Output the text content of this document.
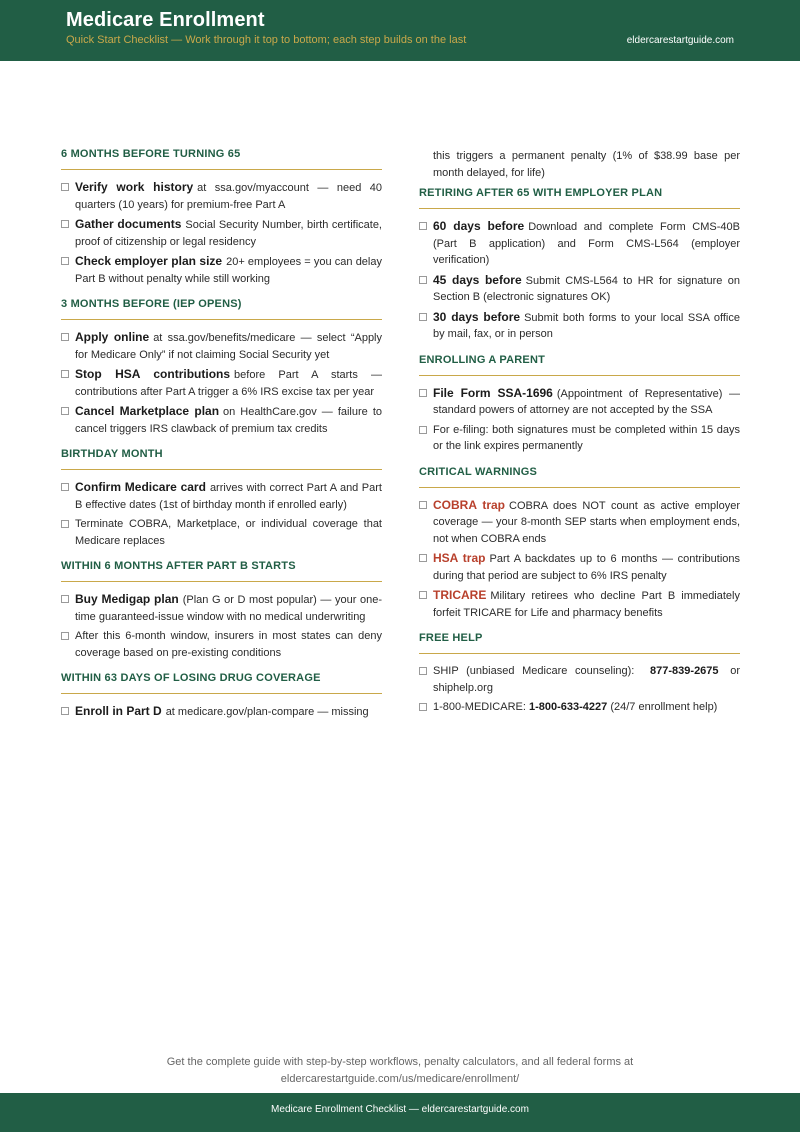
Medicare Enrollment
Quick Start Checklist — Work through it top to bottom; each step builds on the last	eldercarestartguide.com
6 MONTHS BEFORE TURNING 65
Verify work history at ssa.gov/myaccount — need 40 quarters (10 years) for premium-free Part A
Gather documents Social Security Number, birth certificate, proof of citizenship or legal residency
Check employer plan size 20+ employees = you can delay Part B without penalty while still working
3 MONTHS BEFORE (IEP OPENS)
Apply online at ssa.gov/benefits/medicare — select “Apply for Medicare Only” if not claiming Social Security yet
Stop HSA contributions before Part A starts — contributions after Part A trigger a 6% IRS excise tax per year
Cancel Marketplace plan on HealthCare.gov — failure to cancel triggers IRS clawback of premium tax credits
BIRTHDAY MONTH
Confirm Medicare card arrives with correct Part A and Part B effective dates (1st of birthday month if enrolled early)
Terminate COBRA, Marketplace, or individual coverage that Medicare replaces
WITHIN 6 MONTHS AFTER PART B STARTS
Buy Medigap plan (Plan G or D most popular) — your one-time guaranteed-issue window with no medical underwriting
After this 6-month window, insurers in most states can deny coverage based on pre-existing conditions
WITHIN 63 DAYS OF LOSING DRUG COVERAGE
Enroll in Part D at medicare.gov/plan-compare — missing
this triggers a permanent penalty (1% of $38.99 base per month delayed, for life)
RETIRING AFTER 65 WITH EMPLOYER PLAN
60 days before Download and complete Form CMS-40B (Part B application) and Form CMS-L564 (employer verification)
45 days before Submit CMS-L564 to HR for signature on Section B (electronic signatures OK)
30 days before Submit both forms to your local SSA office by mail, fax, or in person
ENROLLING A PARENT
File Form SSA-1696 (Appointment of Representative) — standard powers of attorney are not accepted by the SSA
For e-filing: both signatures must be completed within 15 days or the link expires permanently
CRITICAL WARNINGS
COBRA trap COBRA does NOT count as active employer coverage — your 8-month SEP starts when employment ends, not when COBRA ends
HSA trap Part A backdates up to 6 months — contributions during that period are subject to 6% IRS penalty
TRICARE Military retirees who decline Part B immediately forfeit TRICARE for Life and pharmacy benefits
FREE HELP
SHIP (unbiased Medicare counseling): 877-839-2675 or shiphelp.org
1-800-MEDICARE: 1-800-633-4227 (24/7 enrollment help)
Get the complete guide with step-by-step workflows, penalty calculators, and all federal forms at
eldercarestartguide.com/us/medicare/enrollment/
Medicare Enrollment Checklist — eldercarestartguide.com
